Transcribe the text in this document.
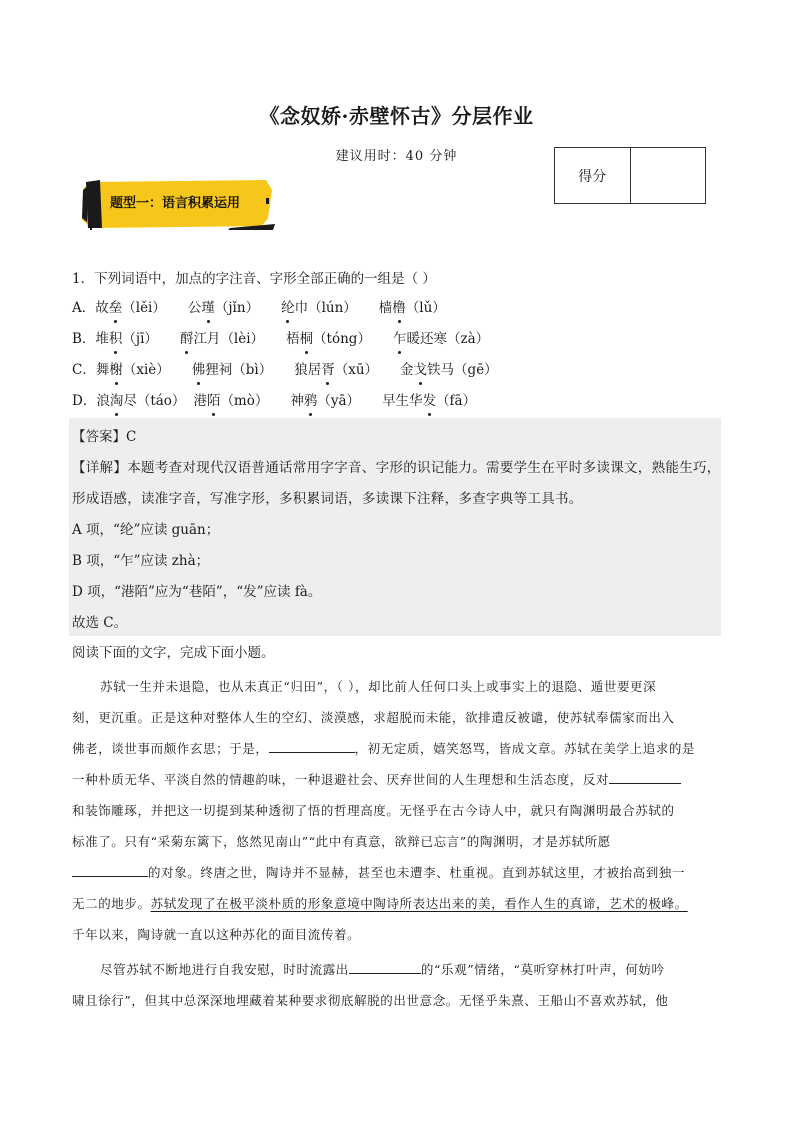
《念奴娇·赤壁怀古》分层作业
建议用时：40 分钟
得分
题型一：语言积累运用
1．下列词语中，加点的字注音、字形全部正确的一组是（ ）
A．故垒（lěi） 公瑾（jǐn） 纶巾（lún） 樯橹（lǔ）
B．堆积（jī） 酹江月（lèi） 梧桐（tóng） 乍暖还寒（zà）
C．舞榭（xiè） 佛狸祠（bì） 狼居胥（xū） 金戈铁马（gē）
D．浪淘尽（táo） 港陌（mò） 神鸦（yā） 早生华发（fā）
【答案】C
【详解】本题考查对现代汉语普通话常用字字音、字形的识记能力。需要学生在平时多读课文，熟能生巧，
形成语感，读准字音，写准字形，多积累词语，多读课下注释，多查字典等工具书。
A 项，“纶”应读 guān；
B 项，“乍”应读 zhà；
D 项，“港陌”应为“巷陌”，“发”应读 fà。
故选 C。
阅读下面的文字，完成下面小题。
苏轼一生并未退隐，也从未真正“归田”，（ ），却比前人任何口头上或事实上的退隐、遁世要更深
刻，更沉重。正是这种对整体人生的空幻、淡漠感，求超脱而未能，欲排遣反被谴，使苏轼奉儒家而出入
佛老，谈世事而颇作玄思；于是，	，初无定质，嬉笑怒骂，皆成文章。苏轼在美学上追求的是
一种朴质无华、平淡自然的情趣韵味，一种退避社会、厌弃世间的人生理想和生活态度，反对
和装饰雕琢，并把这一切提到某种透彻了悟的哲理高度。无怪乎在古今诗人中，就只有陶渊明最合苏轼的
标准了。只有“采菊东篱下，悠然见南山”“此中有真意，欲辩已忘言”的陶渊明，才是苏轼所愿
的对象。终唐之世，陶诗并不显赫，甚至也未遭李、杜重视。直到苏轼这里，才被抬高到独一
无二的地步。苏轼发现了在极平淡朴质的形象意境中陶诗所表达出来的美，看作人生的真谛，艺术的极峰。
千年以来，陶诗就一直以这种苏化的面目流传着。
尽管苏轼不断地进行自我安慰，时时流露出	的“乐观”情绪，“莫听穿林打叶声，何妨吟
啸且徐行”，但其中总深深地埋藏着某种要求彻底解脱的出世意念。无怪乎朱熹、王船山不喜欢苏轼，他
